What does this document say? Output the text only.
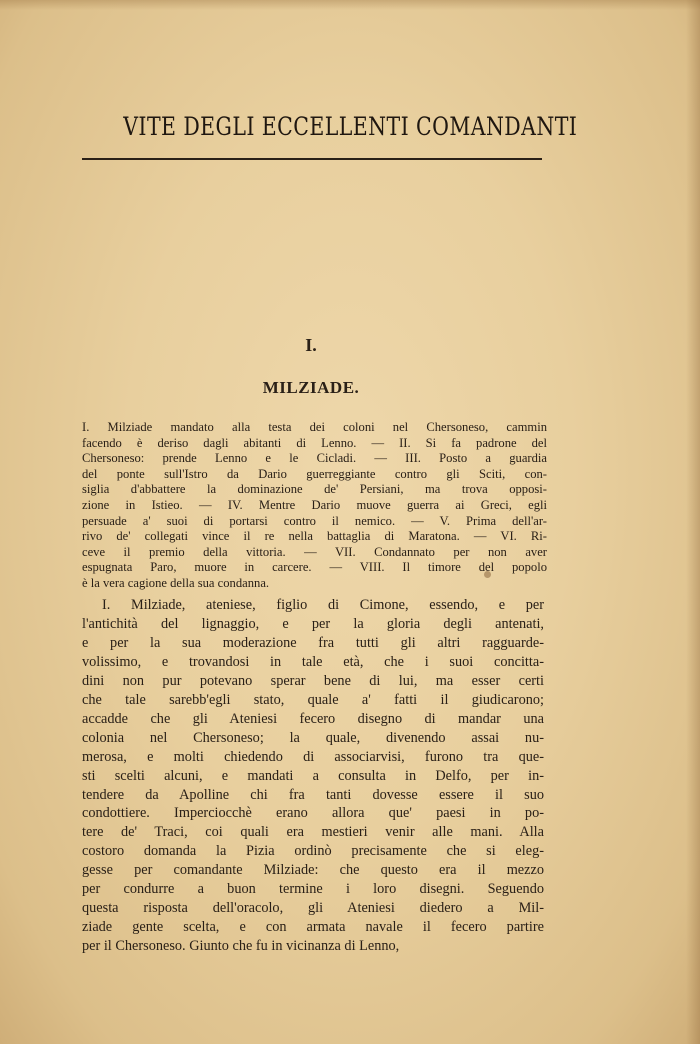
VITE DEGLI ECCELLENTI COMANDANTI
I.
MILZIADE.
I. Milziade mandato alla testa dei coloni nel Chersoneso, cammin
facendo è deriso dagli abitanti di Lenno. — II. Si fa padrone del
Chersoneso: prende Lenno e le Cicladi. — III. Posto a guardia
del ponte sull'Istro da Dario guerreggiante contro gli Sciti, con-
siglia d'abbattere la dominazione de' Persiani, ma trova opposi-
zione in Istieo. — IV. Mentre Dario muove guerra ai Greci, egli
persuade a' suoi di portarsi contro il nemico. — V. Prima dell'ar-
rivo de' collegati vince il re nella battaglia di Maratona. — VI. Ri-
ceve il premio della vittoria. — VII. Condannato per non aver
espugnata Paro, muore in carcere. — VIII. Il timore del popolo
è la vera cagione della sua condanna.
I. Milziade, ateniese, figlio di Cimone, essendo, e per
l'antichità del lignaggio, e per la gloria degli antenati,
e per la sua moderazione fra tutti gli altri ragguarde-
volissimo, e trovandosi in tale età, che i suoi concitta-
dini non pur potevano sperar bene di lui, ma esser certi
che tale sarebb'egli stato, quale a' fatti il giudicarono;
accadde che gli Ateniesi fecero disegno di mandar una
colonia nel Chersoneso; la quale, divenendo assai nu-
merosa, e molti chiedendo di associarvisi, furono tra que-
sti scelti alcuni, e mandati a consulta in Delfo, per in-
tendere da Apolline chi fra tanti dovesse essere il suo
condottiere. Imperciocchè erano allora que' paesi in po-
tere de' Traci, coi quali era mestieri venir alle mani. Alla
costoro domanda la Pizia ordinò precisamente che si eleg-
gesse per comandante Milziade: che questo era il mezzo
per condurre a buon termine i loro disegni. Seguendo
questa risposta dell'oracolo, gli Ateniesi diedero a Mil-
ziade gente scelta, e con armata navale il fecero partire
per il Chersoneso. Giunto che fu in vicinanza di Lenno,
